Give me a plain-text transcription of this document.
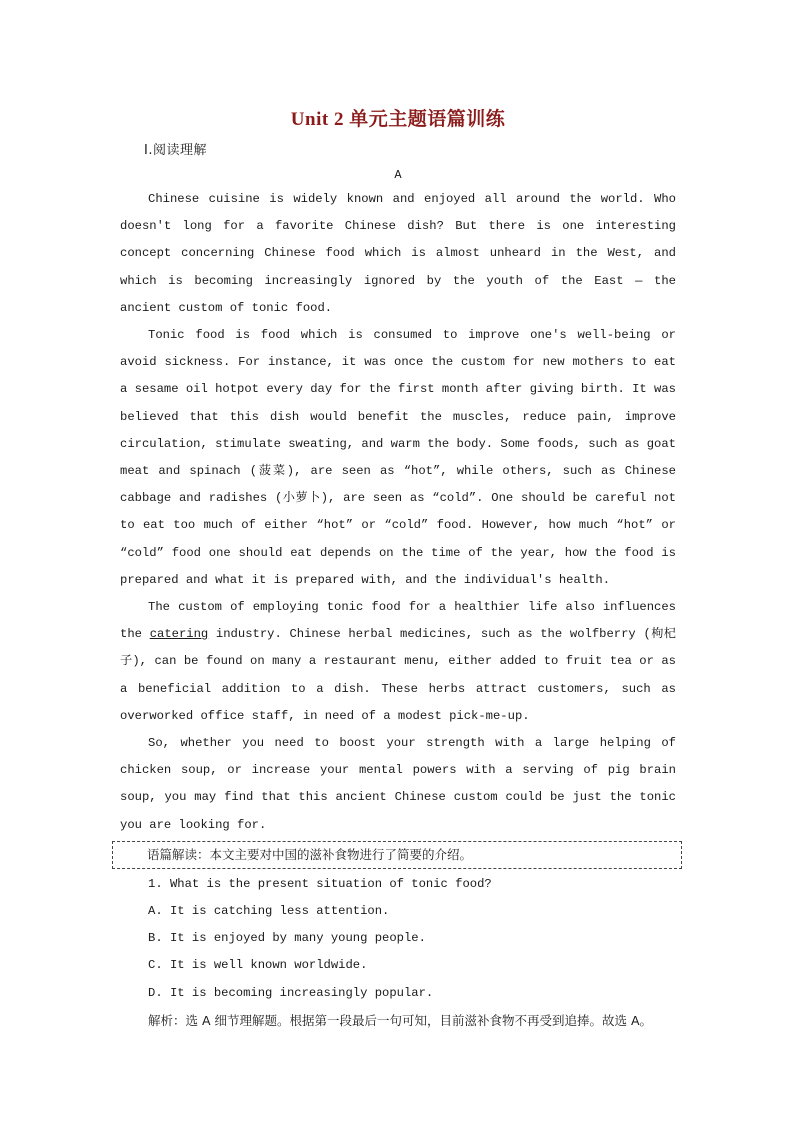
Unit 2 单元主题语篇训练
Ⅰ.阅读理解
A

Chinese cuisine is widely known and enjoyed all around the world. Who doesn't long for a favorite Chinese dish? But there is one interesting concept concerning Chinese food which is almost unheard in the West, and which is becoming increasingly ignored by the youth of the East — the ancient custom of tonic food.

Tonic food is food which is consumed to improve one's well-being or avoid sickness. For instance, it was once the custom for new mothers to eat a sesame oil hotpot every day for the first month after giving birth. It was believed that this dish would benefit the muscles, reduce pain, improve circulation, stimulate sweating, and warm the body. Some foods, such as goat meat and spinach (菠菜), are seen as “hot”, while others, such as Chinese cabbage and radishes (小萝卜), are seen as “cold”. One should be careful not to eat too much of either “hot” or “cold” food. However, how much “hot” or “cold” food one should eat depends on the time of the year, how the food is prepared and what it is prepared with, and the individual's health.

The custom of employing tonic food for a healthier life also influences the catering industry. Chinese herbal medicines, such as the wolfberry (枸杞子), can be found on many a restaurant menu, either added to fruit tea or as a beneficial addition to a dish. These herbs attract customers, such as overworked office staff, in need of a modest pick-me-up.

So, whether you need to boost your strength with a large helping of chicken soup, or increase your mental powers with a serving of pig brain soup, you may find that this ancient Chinese custom could be just the tonic you are looking for.

语篇解读：本文主要对中国的滋补食物进行了简要的介绍。
1. What is the present situation of tonic food?
A. It is catching less attention.
B. It is enjoyed by many young people.
C. It is well known worldwide.
D. It is becoming increasingly popular.

解析：选 A 细节理解题。根据第一段最后一句可知，目前滋补食物不再受到追捧。故选 A。
